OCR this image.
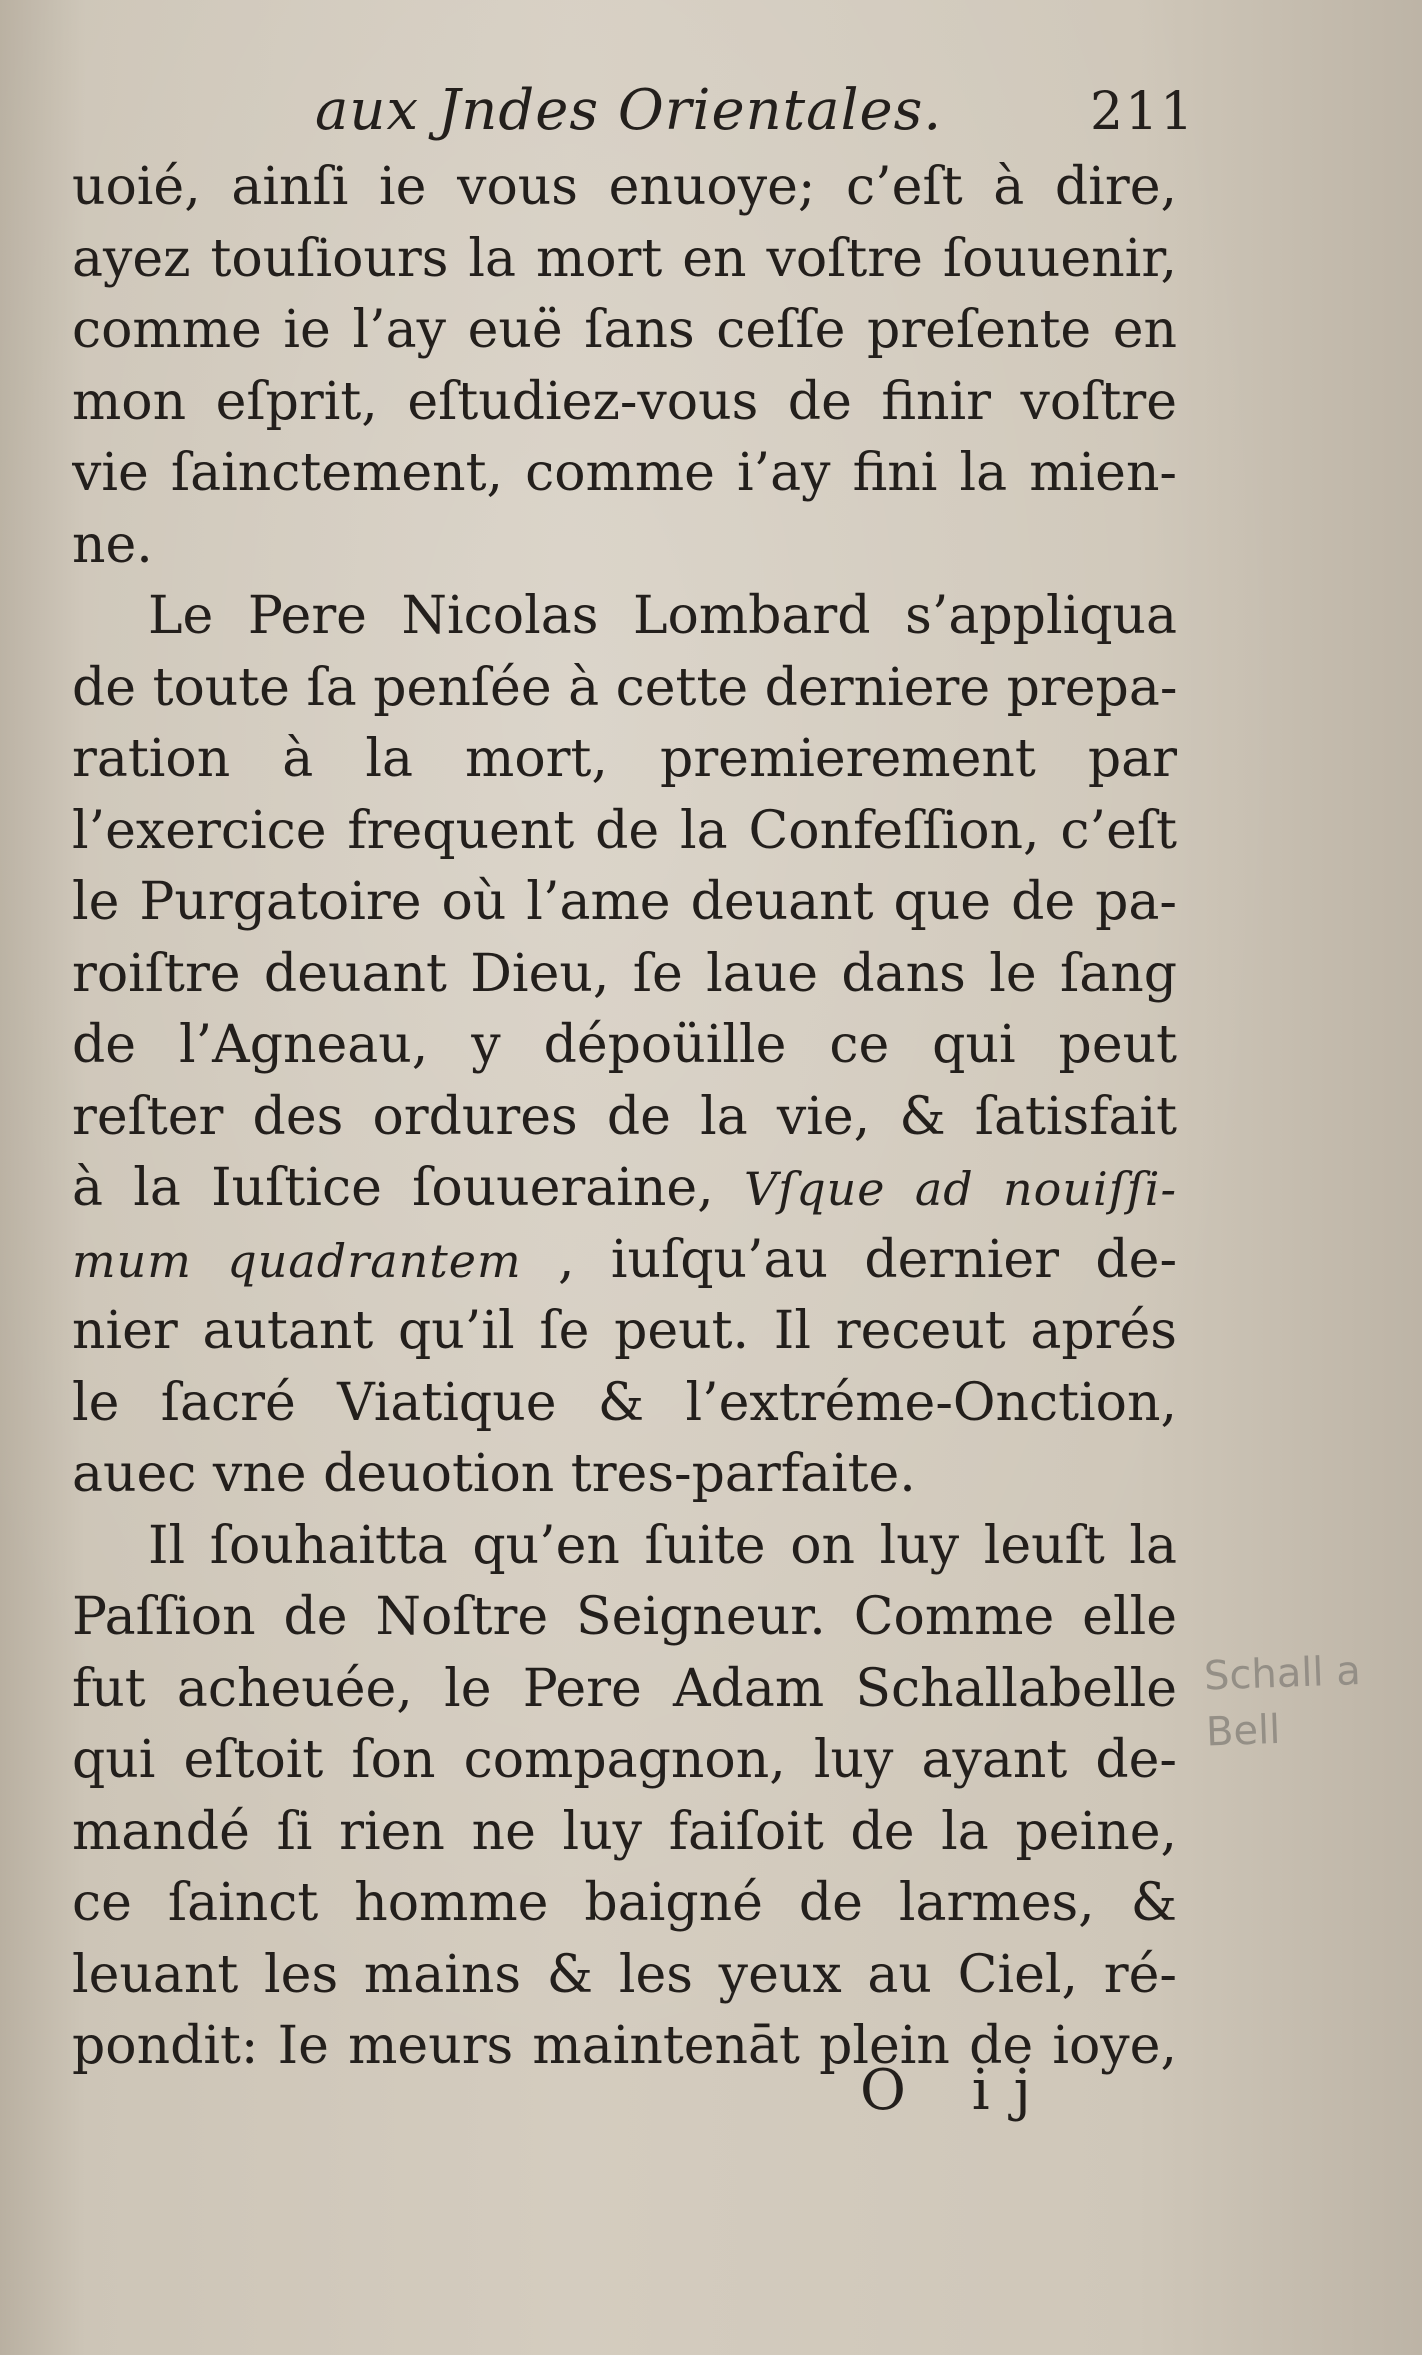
aux Jndes Orientales.	211
uoié, ainſi ie vous enuoye; c’eſt à dire,
ayez touſiours la mort en voſtre ſouuenir,
comme ie l’ay euë ſans ceſſe preſente en
mon eſprit, eſtudiez-vous de finir voſtre
vie ſainctement, comme i’ay fini la mien-
ne.
Le Pere Nicolas Lombard s’appliqua
de toute ſa penſée à cette derniere prepa-
ration à la mort, premierement par
l’exercice frequent de la Confeſſion, c’eſt
le Purgatoire où l’ame deuant que de pa-
roiſtre deuant Dieu, ſe laue dans le ſang
de l’Agneau, y dépoüille ce qui peut
reſter des ordures de la vie, & ſatisfait
à la Iuſtice ſouueraine, Vſque ad nouiſſi-
mum quadrantem , iuſqu’au dernier de-
nier autant qu’il ſe peut. Il receut aprés
le ſacré Viatique & l’extréme-Onction,
auec vne deuotion tres-parfaite.
Il ſouhaitta qu’en ſuite on luy leuſt la
Paſſion de Noſtre Seigneur. Comme elle
fut acheuée, le Pere Adam Schallabelle
qui eſtoit ſon compagnon, luy ayant de-
mandé ſi rien ne luy faiſoit de la peine,
ce ſainct homme baigné de larmes, &
leuant les mains & les yeux au Ciel, ré-
pondit: Ie meurs maintenāt plein de ioye,
O ij
Schall a
Bell
